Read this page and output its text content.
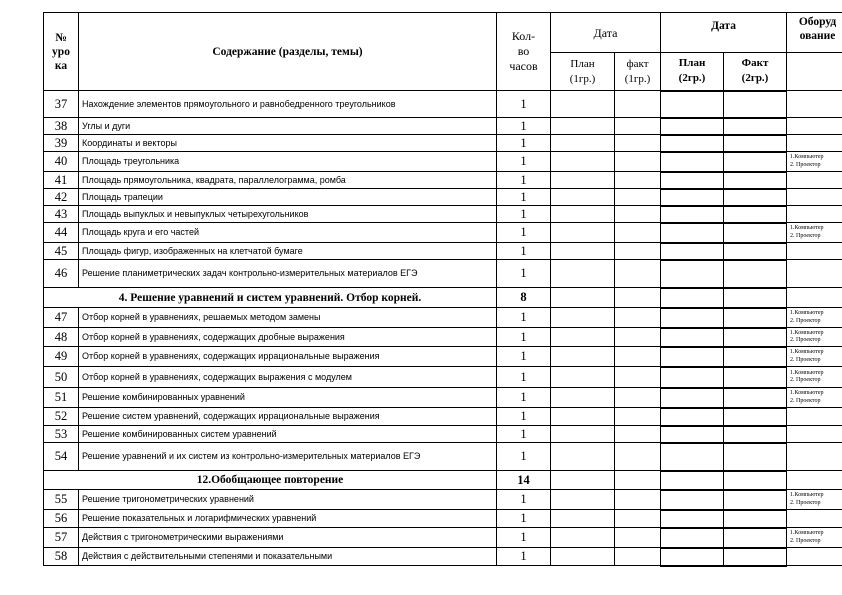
№
уро
ка	Содержание (разделы, темы)	Кол-
во
часов	Дата		Дата		Оборуд
ование

			План
(1гр.)	факт
(1гр.)	План
(2гр.)	Факт
(2гр.)	

37	Нахождение элементов прямоугольного и равнобедренного треугольников	1					
38	Углы и дуги	1					
39	Координаты и векторы	1					
40	Площадь треугольника	1					1.Компьютер
2. Проектор

41	Площадь прямоугольника, квадрата, параллелограмма, ромба	1					
42	Площадь трапеции	1					
43	Площадь выпуклых и невыпуклых четырехугольников	1					
44	Площадь круга и его частей	1					1.Компьютер
2. Проектор

45	Площадь фигур, изображенных на клетчатой бумаге	1					
46	Решение планиметрических задач контрольно-измерительных материалов ЕГЭ	1					
4. Решение уравнений и систем уравнений. Отбор корней.		8					
47	Отбор корней в уравнениях, решаемых методом замены	1					1.Компьютер
2. Проектор

48	Отбор корней в уравнениях, содержащих дробные выражения	1					1.Компьютер
2. Проектор

49	Отбор корней в уравнениях, содержащих иррациональные выражения	1					1.Компьютер
2. Проектор

50	Отбор корней в уравнениях, содержащих выражения с модулем	1					1.Компьютер
2. Проектор

51	Решение комбинированных уравнений	1					1.Компьютер
2. Проектор

52	Решение систем уравнений, содержащих иррациональные выражения	1					
53	Решение комбинированных систем уравнений	1					
54	Решение уравнений и их систем из контрольно-измерительных материалов ЕГЭ	1					
12.Обобщающее повторение		14					
55	Решение тригонометрических уравнений	1					1.Компьютер
2. Проектор

56	Решение показательных и логарифмических уравнений	1					
57	Действия с тригонометрическими выражениями	1					1.Компьютер
2. Проектор

58	Действия с действительными степенями и показательными	1					
